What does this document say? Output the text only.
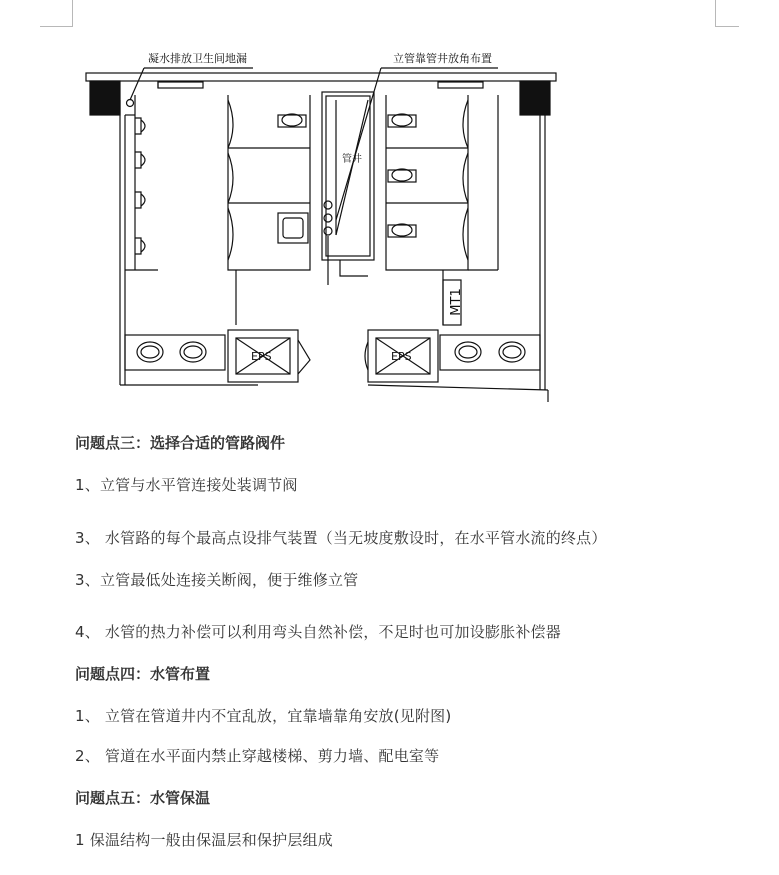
管井
MT1
EPS	EPS
凝水排放卫生间地漏	立管靠管井放角布置
问题点三：选择合适的管路阀件
1、立管与水平管连接处装调节阀
3、 水管路的每个最高点设排气装置（当无坡度敷设时，在水平管水流的终点）
3、立管最低处连接关断阀，便于维修立管
4、 水管的热力补偿可以利用弯头自然补偿，不足时也可加设膨胀补偿器
问题点四：水管布置
1、 立管在管道井内不宜乱放，宜靠墙靠角安放(见附图)
2、 管道在水平面内禁止穿越楼梯、剪力墙、配电室等
问题点五：水管保温
1 保温结构一般由保温层和保护层组成
